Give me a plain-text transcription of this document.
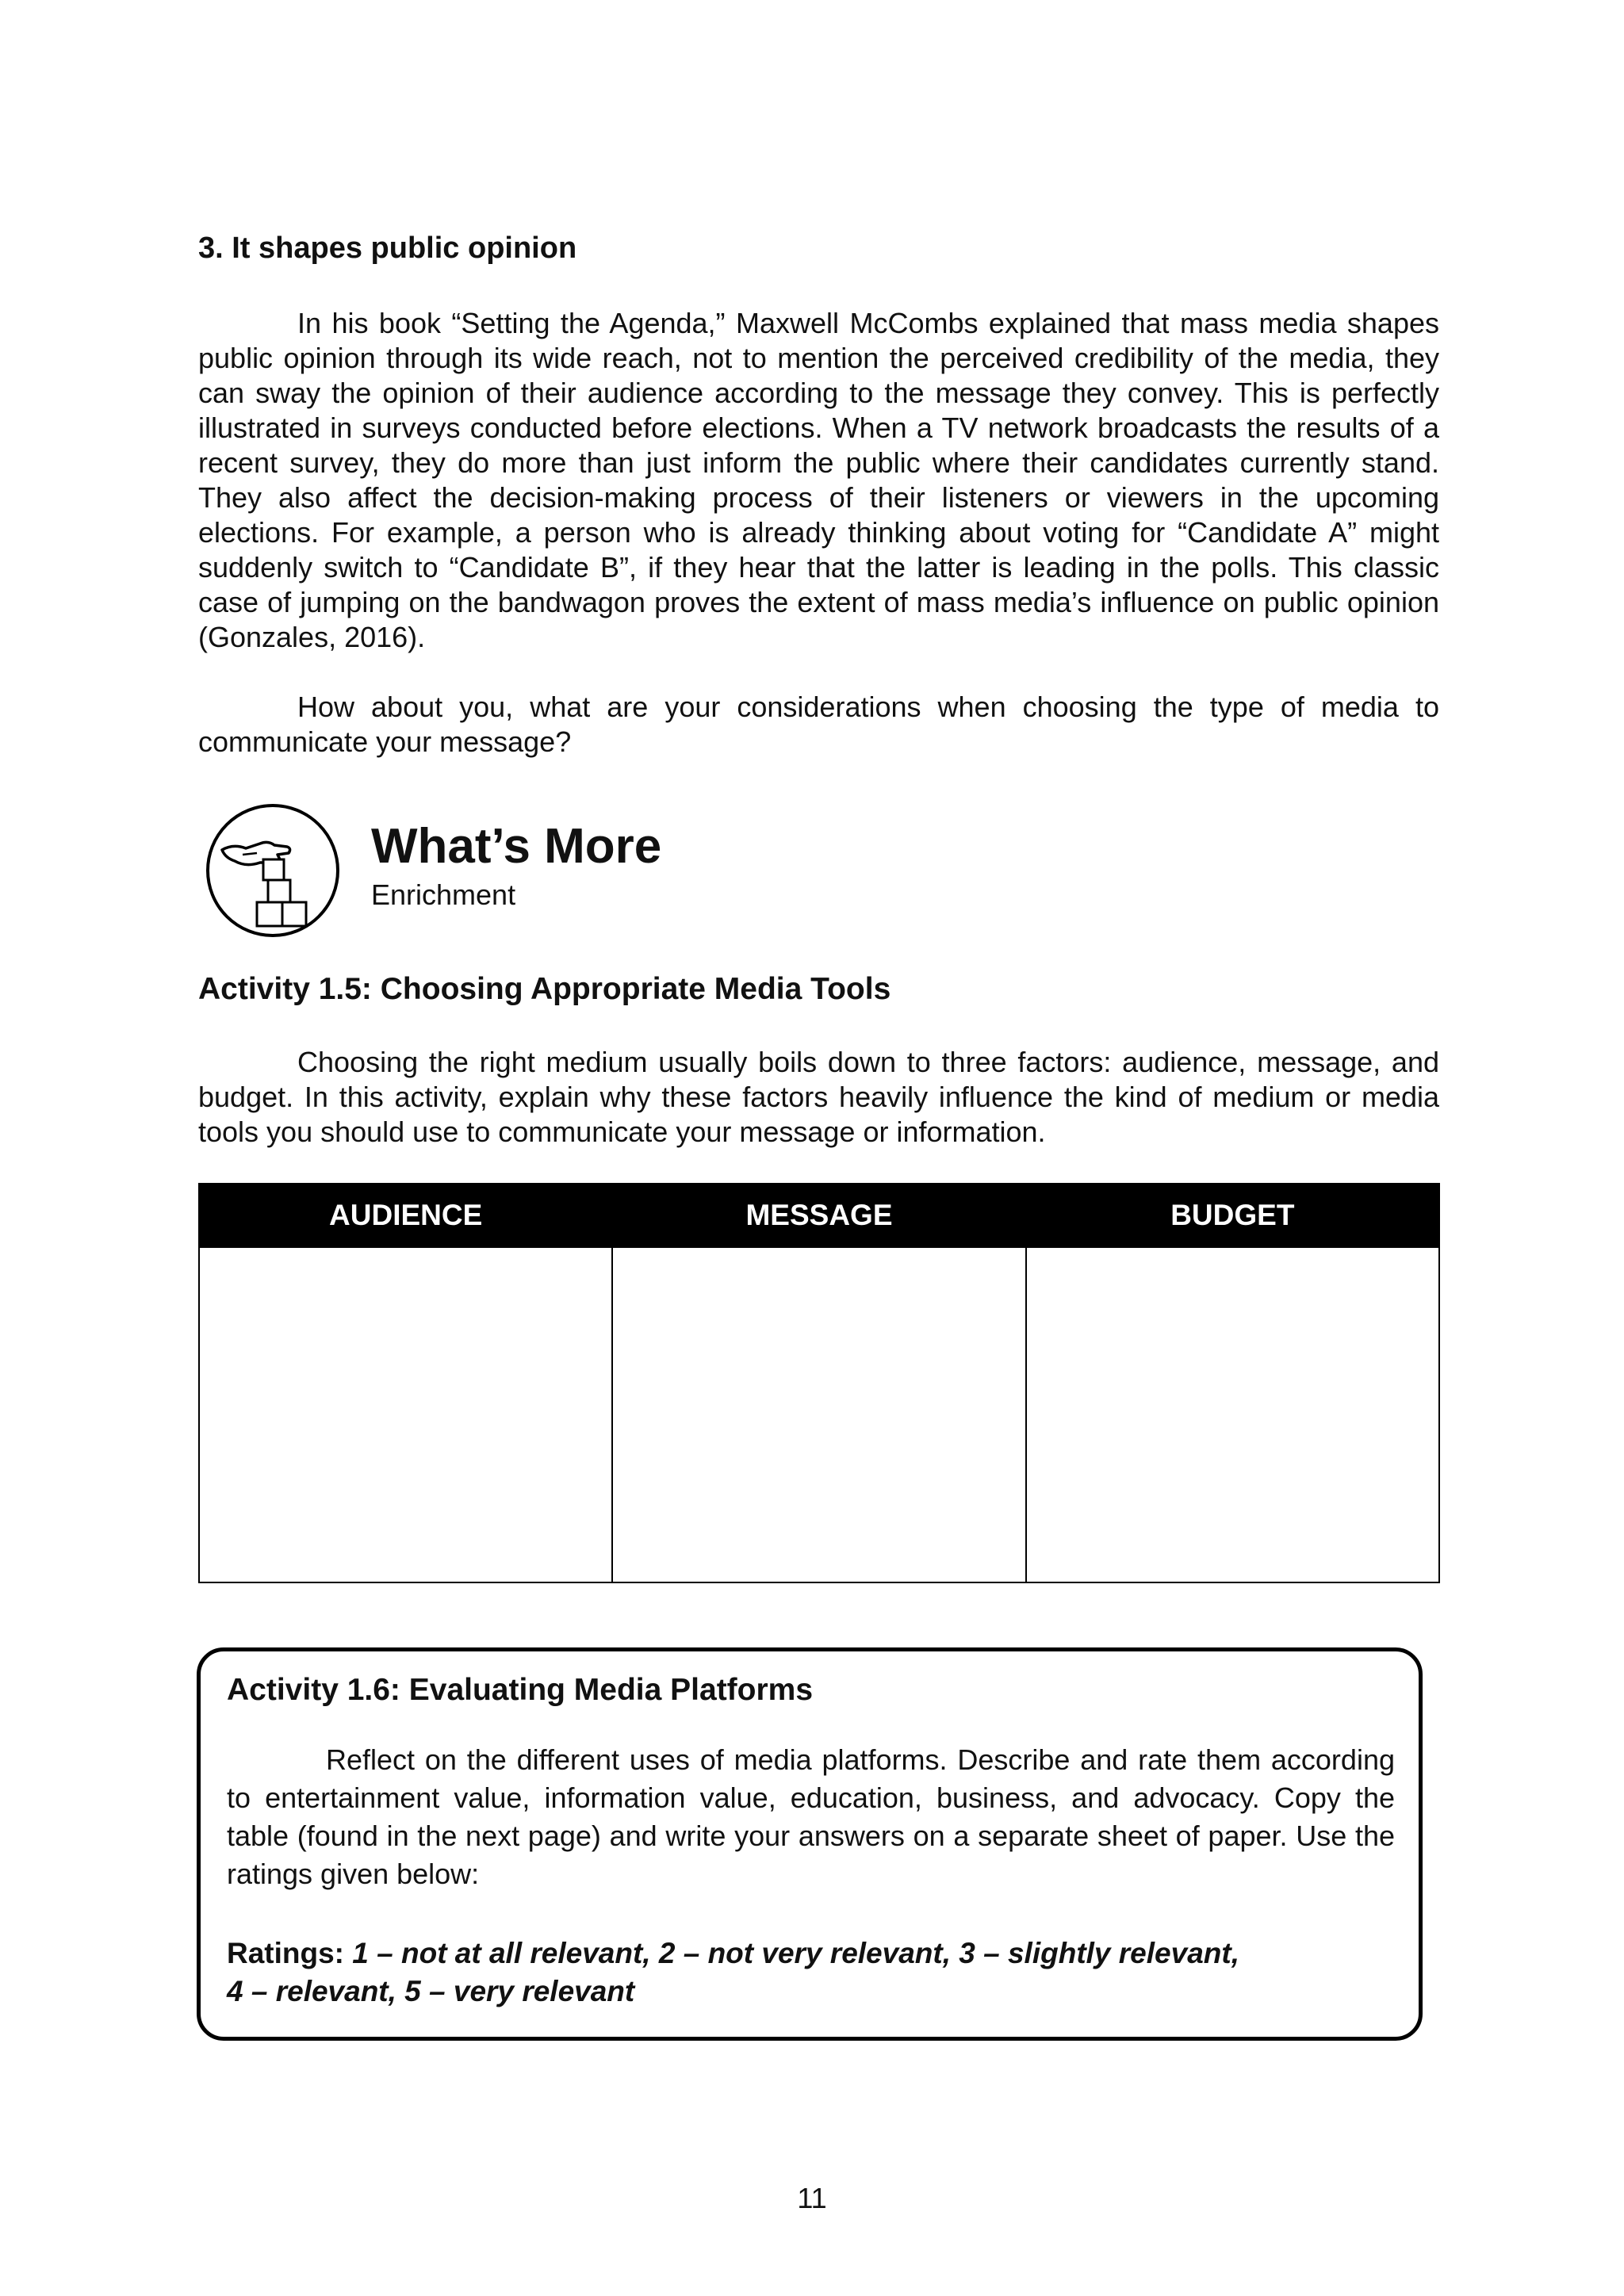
3. It shapes public opinion

In his book “Setting the Agenda,” Maxwell McCombs explained that mass media shapes public opinion through its wide reach, not to mention the perceived credibility of the media, they can sway the opinion of their audience according to the message they convey. This is perfectly illustrated in surveys conducted before elections. When a TV network broadcasts the results of a recent survey, they do more than just inform the public where their candidates currently stand. They also affect the decision-making process of their listeners or viewers in the upcoming elections. For example, a person who is already thinking about voting for “Candidate A” might suddenly switch to “Candidate B”, if they hear that the latter is leading in the polls. This classic case of jumping on the bandwagon proves the extent of mass media’s influence on public opinion (Gonzales, 2016).

How about you, what are your considerations when choosing the type of media to communicate your message?

What’s More

Enrichment

Activity 1.5: Choosing Appropriate Media Tools

Choosing the right medium usually boils down to three factors: audience, message, and budget. In this activity, explain why these factors heavily influence the kind of medium or media tools you should use to communicate your message or information.

AUDIENCE	MESSAGE	BUDGET

Activity 1.6: Evaluating Media Platforms

Reflect on the different uses of media platforms. Describe and rate them according to entertainment value, information value, education, business, and advocacy. Copy the table (found in the next page) and write your answers on a separate sheet of paper. Use the ratings given below:

Ratings: 1 – not at all relevant, 2 – not very relevant, 3 – slightly relevant,
4 – relevant, 5 – very relevant

11
